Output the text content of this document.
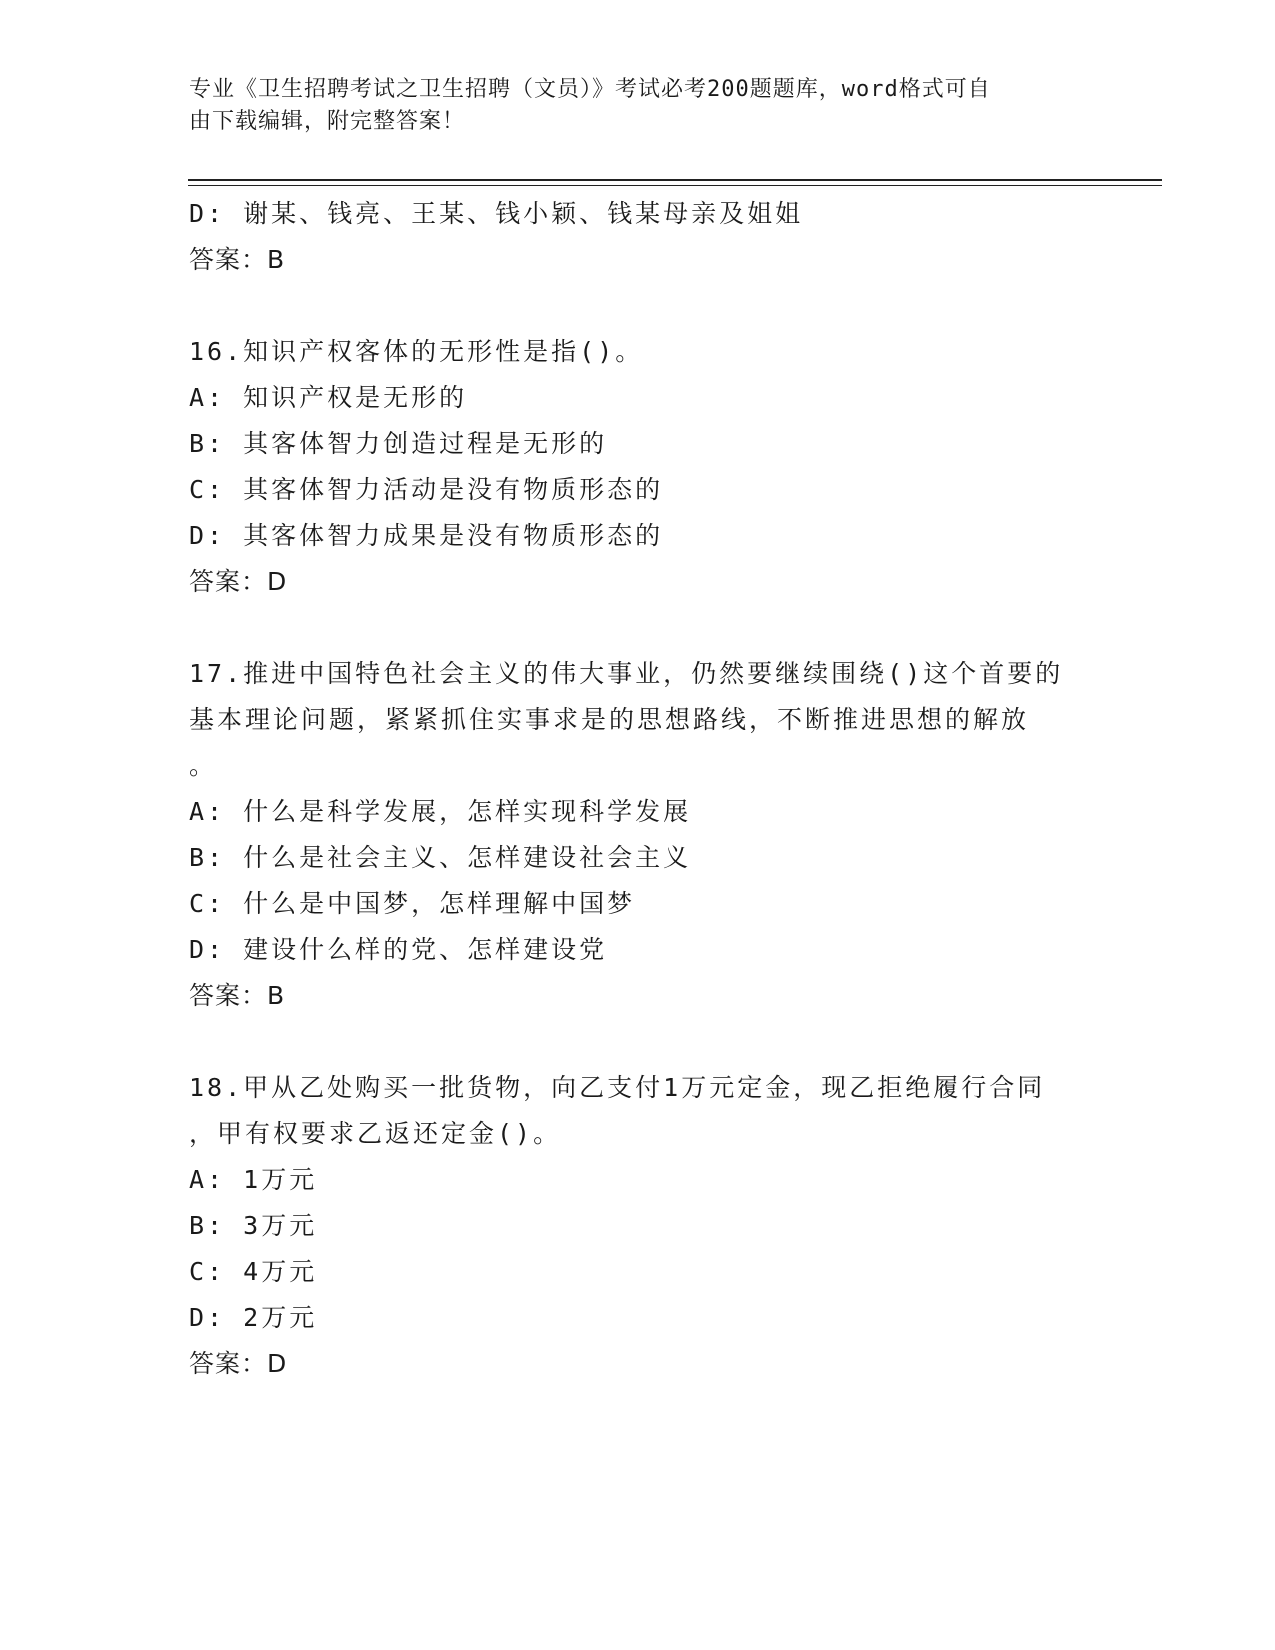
专业《卫生招聘考试之卫生招聘（文员）》考试必考200题题库，word格式可自
由下载编辑，附完整答案！
D: 谢某、钱亮、王某、钱小颖、钱某母亲及姐姐
答案：B
16.知识产权客体的无形性是指()。
A: 知识产权是无形的
B: 其客体智力创造过程是无形的
C: 其客体智力活动是没有物质形态的
D: 其客体智力成果是没有物质形态的
答案：D
17.推进中国特色社会主义的伟大事业，仍然要继续围绕()这个首要的
基本理论问题，紧紧抓住实事求是的思想路线，不断推进思想的解放
。
A: 什么是科学发展，怎样实现科学发展
B: 什么是社会主义、怎样建设社会主义
C: 什么是中国梦，怎样理解中国梦
D: 建设什么样的党、怎样建设党
答案：B
18.甲从乙处购买一批货物，向乙支付1万元定金，现乙拒绝履行合同
，甲有权要求乙返还定金()。
A: 1万元
B: 3万元
C: 4万元
D: 2万元
答案：D
